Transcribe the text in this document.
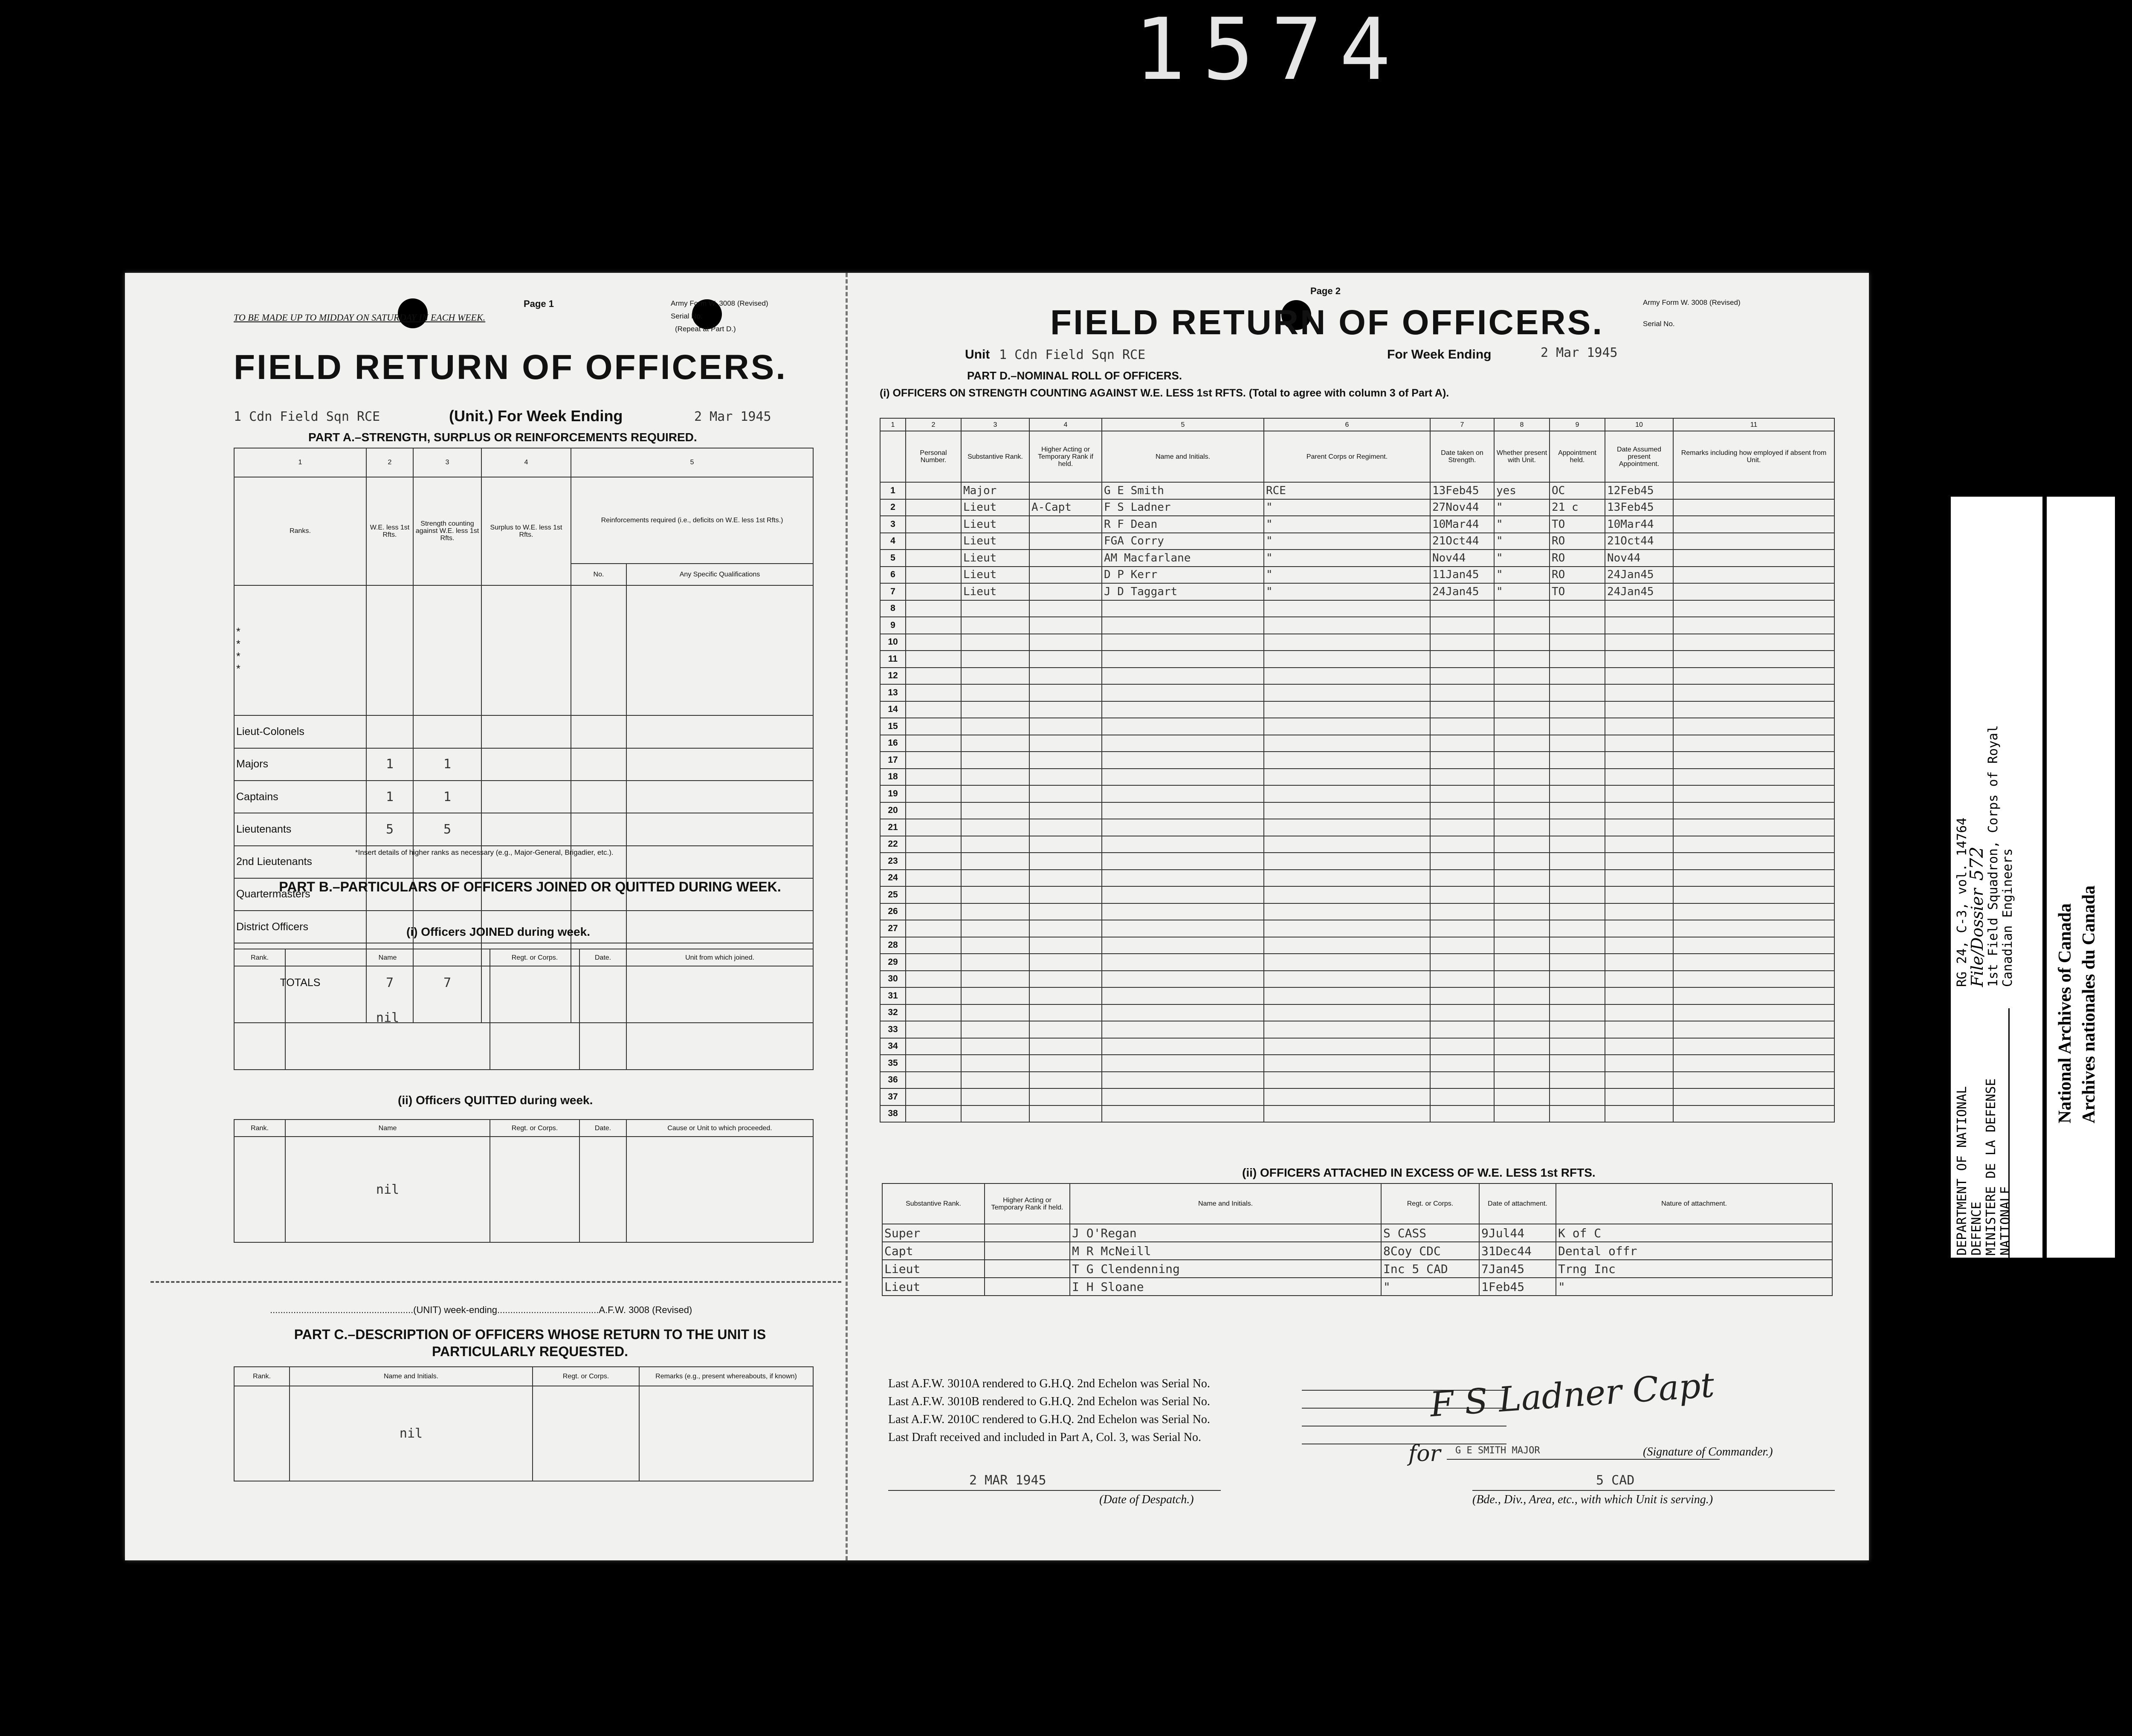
1574
Page 1	Army Form W. 3008 (Revised)
Serial No.
(Repeat at Part D.)
TO BE MADE UP TO MIDDAY ON SATURDAY IN EACH WEEK.
FIELD RETURN OF OFFICERS.
1 Cdn Field Sqn RCE	(Unit.) For Week Ending	2 Mar 1945
PART A.–STRENGTH, SURPLUS OR REINFORCEMENTS REQUIRED.
1	2	3	4	5	
Ranks.	W.E. less 1st Rfts.	Strength counting against W.E. less 1st Rfts.	Surplus to W.E. less 1st Rfts.	Reinforcements required (i.e., deficits on W.E. less 1st Rfts.)	
				No.	Any Specific Qualifications
*
*
*
*					
Lieut-Colonels					
Majors	1	1			
Captains	1	1			
Lieutenants	5	5			
2nd Lieutenants					
Quartermasters					
District Officers					
TOTALS	7	7			
*Insert details of higher ranks as necessary (e.g., Major-General, Brigadier, etc.).
PART B.–PARTICULARS OF OFFICERS JOINED OR QUITTED DURING WEEK.
(i) Officers JOINED during week.
Rank.	Name	Regt. or Corps.	Date.	Unit from which joined.
	nil			
(ii) Officers QUITTED during week.
Rank.	Name	Regt. or Corps.	Date.	Cause or Unit to which proceeded.
	nil			
.......................................................(UNIT) week-ending.......................................A.F.W. 3008 (Revised)
PART C.–DESCRIPTION OF OFFICERS WHOSE RETURN TO THE UNIT IS PARTICULARLY REQUESTED.
Rank.	Name and Initials.	Regt. or Corps.	Remarks (e.g., present whereabouts, if known)
	nil		
Page 2
Army Form W. 3008 (Revised)
Serial No.
FIELD RETURN OF OFFICERS.
Unit 1 Cdn Field Sqn RCE	For Week Ending	2 Mar 1945
PART D.–NOMINAL ROLL OF OFFICERS.
(i) OFFICERS ON STRENGTH COUNTING AGAINST W.E. LESS 1st RFTS. (Total to agree with column 3 of Part A).
1	2	3	4	5	6	7	8	9	10	11
	Personal Number.	Substantive Rank.	Higher Acting or Temporary Rank if held.	Name and Initials.	Parent Corps or Regiment.	Date taken on Strength.	Whether present with Unit.	Appointment held.	Date Assumed present Appointment.	Remarks including how employed if absent from Unit.
1		Major		G E Smith	RCE	13Feb45	yes	OC	12Feb45	
2		Lieut	A-Capt	F S Ladner	"	27Nov44	"	21 c	13Feb45	
3		Lieut		R F Dean	"	10Mar44	"	TO	10Mar44	
4		Lieut		FGA Corry	"	21Oct44	"	RO	21Oct44	
5		Lieut		AM Macfarlane	"	Nov44	"	RO	Nov44	
6		Lieut		D P Kerr	"	11Jan45	"	RO	24Jan45	
7		Lieut		J D Taggart	"	24Jan45	"	TO	24Jan45	
8										
9										
10										
11										
12										
13										
14										
15										
16										
17										
18										
19										
20										
21										
22										
23										
24										
25										
26										
27										
28										
29										
30										
31										
32										
33										
34										
35										
36										
37										
38										
(ii) OFFICERS ATTACHED IN EXCESS OF W.E. LESS 1st RFTS.
Substantive Rank.	Higher Acting or Temporary Rank if held.	Name and Initials.	Regt. or Corps.	Date of attachment.	Nature of attachment.
Super		J O'Regan	S CASS	9Jul44	K of C
Capt		M R McNeill	8Coy CDC	31Dec44	Dental offr
Lieut		T G Clendenning	Inc 5 CAD	7Jan45	Trng Inc
Lieut		I H Sloane	"	1Feb45	"
Last A.F.W. 3010A rendered to G.H.Q. 2nd Echelon was Serial No.
Last A.F.W. 3010B rendered to G.H.Q. 2nd Echelon was Serial No.
Last A.F.W. 2010C rendered to G.H.Q. 2nd Echelon was Serial No.
Last Draft received and included in Part A, Col. 3, was Serial No.
F S Ladner Capt
for G E SMITH MAJOR	(Signature of Commander.)
2 MAR 1945
(Date of Despatch.)
5 CAD
(Bde., Div., Area, etc., with which Unit is serving.)
DEPARTMENT OF NATIONAL DEFENCE MINISTERE DE LA DEFENSE NATIONALE
RG 24, C-3, vol. 14764
File/Dossier 572
1st Field Squadron, Corps of Royal Canadian Engineers National Archives of Canada Archives nationales du Canada
